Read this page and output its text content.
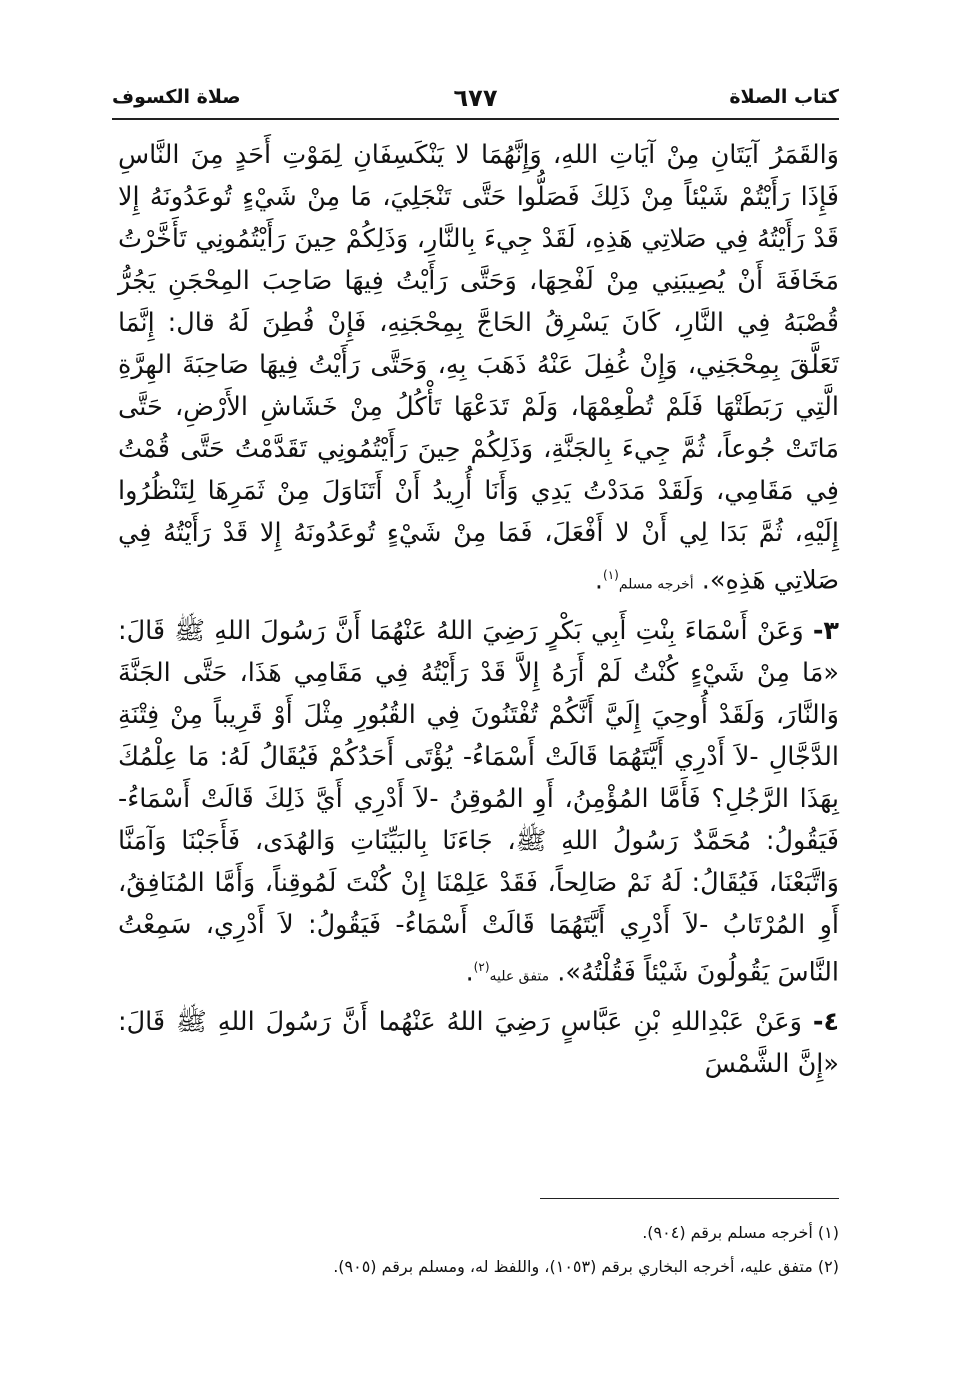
كتاب الصلاة
٦٧٧
صلاة الكسوف

وَالقَمَرُ آيَتَانِ مِنْ آيَاتِ اللهِ، وَإِنَّهُمَا لا يَنْكَسِفَانِ لِمَوْتِ أَحَدٍ مِنَ النَّاسِ فَإِذَا رَأَيْتُمْ شَيْئاً مِنْ ذَلِكَ فَصَلُّوا حَتَّى تَنْجَلِيَ، مَا مِنْ شَيْءٍ تُوعَدُونَهُ إِلا قَدْ رَأَيْتُهُ فِي صَلاتِي هَذِهِ، لَقَدْ جِيءَ بِالنَّارِ، وَذَلِكُمْ حِينَ رَأَيْتُمُونِي تَأَخَّرْتُ مَخَافَةَ أَنْ يُصِيبَنِي مِنْ لَفْحِهَا، وَحَتَّى رَأَيْتُ فِيهَا صَاحِبَ المِحْجَنِ يَجُرُّ قُصْبَهُ فِي النَّارِ، كَانَ يَسْرِقُ الحَاجَّ بِمِحْجَنِهِ، فَإِنْ فُطِنَ لَهُ قال: إِنَّمَا تَعَلَّقَ بِمِحْجَنِي، وَإِنْ غُفِلَ عَنْهُ ذَهَبَ بِهِ، وَحَتَّى رَأَيْتُ فِيهَا صَاحِبَةَ الهِرَّةِ الَّتِي رَبَطَتْهَا فَلَمْ تُطْعِمْهَا، وَلَمْ تَدَعْهَا تَأْكُلُ مِنْ خَشَاشِ الأَرْضِ، حَتَّى مَاتَتْ جُوعاً، ثُمَّ جِيءَ بِالجَنَّةِ، وَذَلِكُمْ حِينَ رَأَيْتُمُونِي تَقَدَّمْتُ حَتَّى قُمْتُ فِي مَقَامِي، وَلَقَدْ مَدَدْتُ يَدِي وَأَنَا أُرِيدُ أَنْ أَتَنَاوَلَ مِنْ ثَمَرِهَا لِتَنْظُرُوا إِلَيْهِ، ثُمَّ بَدَا لِي أَنْ لا أَفْعَلَ، فَمَا مِنْ شَيْءٍ تُوعَدُونَهُ إِلا قَدْ رَأَيْتُهُ فِي صَلاتِي هَذِهِ». أخرجه مسلم$^{(١)}$.

٣- وَعَنْ أَسْمَاءَ بِنْتِ أَبِي بَكْرٍ رَضِيَ اللهُ عَنْهُمَا أَنَّ رَسُولَ اللهِ ﷺ قَالَ: «مَا مِنْ شَيْءٍ كُنْتُ لَمْ أَرَهُ إِلاَّ قَدْ رَأَيْتُهُ فِي مَقَامِي هَذَا، حَتَّى الجَنَّةَ وَالنَّارَ، وَلَقَدْ أُوحِيَ إِلَيَّ أَنَّكُمْ تُفْتَنُونَ فِي القُبُورِ مِثْلَ أَوْ قَرِيباً مِنْ فِتْنَةِ الدَّجَّالِ -لاَ أَدْرِي أَيَّتَهُمَا قَالَتْ أَسْمَاءُ- يُؤْتَى أَحَدُكُمْ فَيُقَالُ لَهُ: مَا عِلْمُكَ بِهَذَا الرَّجُلِ؟ فَأَمَّا المُؤْمِنُ، أَوِ المُوقِنُ -لاَ أَدْرِي أَيَّ ذَلِكَ قَالَتْ أَسْمَاءُ- فَيَقُولُ: مُحَمَّدٌ رَسُولُ اللهِ ﷺ، جَاءَنَا بِالبَيِّنَاتِ وَالهُدَى، فَأَجَبْنَا وَآمَنَّا وَاتَّبَعْنَا، فَيُقَالُ: لَهُ نَمْ صَالِحاً، فَقَدْ عَلِمْنَا إِنْ كُنْتَ لَمُوقِناً، وَأَمَّا المُنَافِقُ، أَوِ المُرْتَابُ -لاَ أَدْرِي أَيَّتَهُمَا قَالَتْ أَسْمَاءُ- فَيَقُولُ: لاَ أَدْرِي، سَمِعْتُ النَّاسَ يَقُولُونَ شَيْئاً فَقُلْتُهُ». متفق عليه$^{(٢)}$.

٤- وَعَنْ عَبْدِاللهِ بْنِ عَبَّاسٍ رَضِيَ اللهُ عَنْهُما أَنَّ رَسُولَ اللهِ ﷺ قَالَ: «إِنَّ الشَّمْسَ

(١) أخرجه مسلم برقم (٩٠٤).

(٢) متفق عليه، أخرجه البخاري برقم (١٠٥٣)، واللفظ له، ومسلم برقم (٩٠٥).
